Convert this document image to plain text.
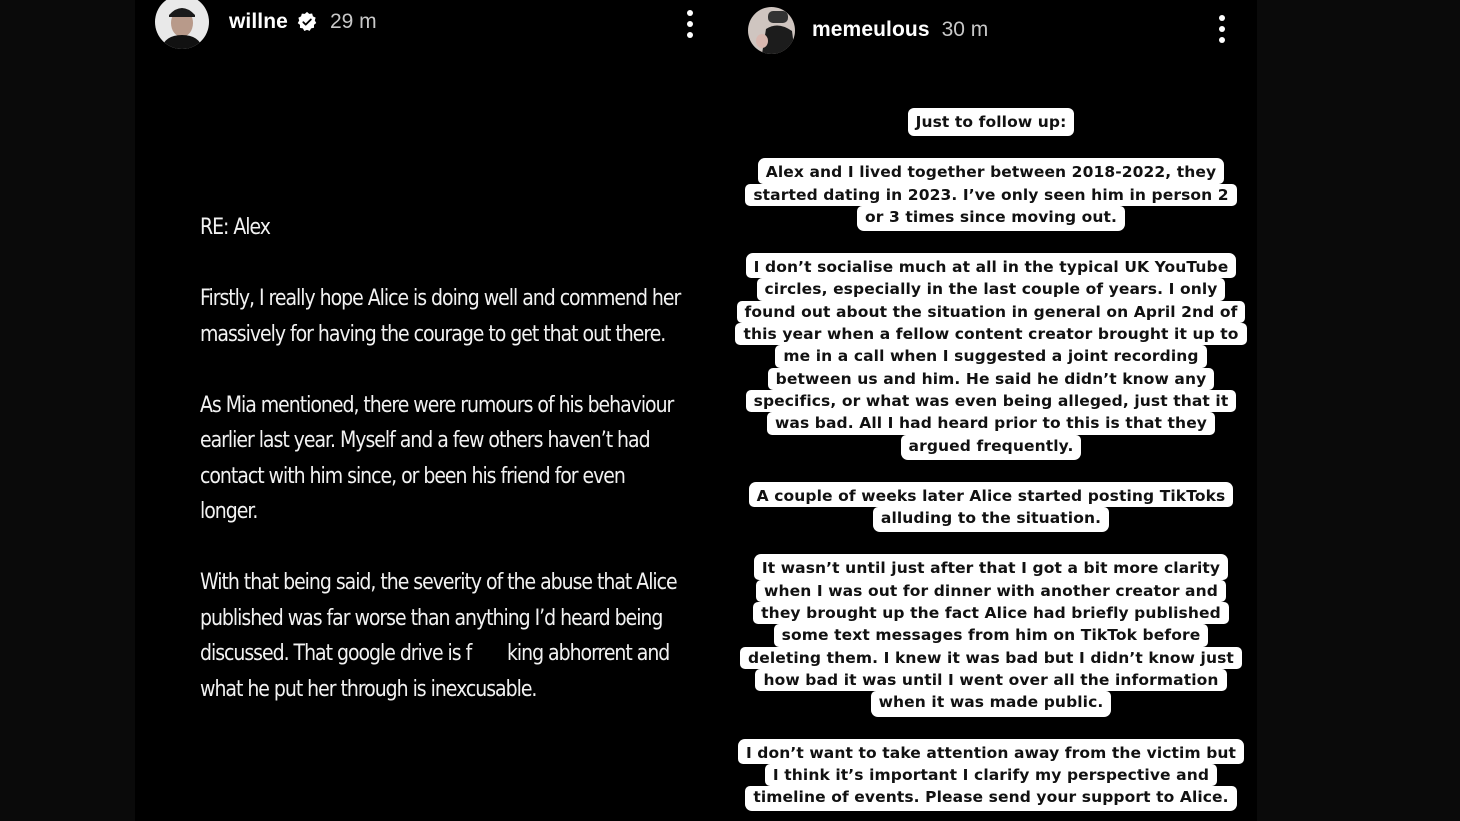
willne 29 m

RE: Alex

Firstly, I really hope Alice is doing well and commend her massively for having the courage to get that out there.

As Mia mentioned, there were rumours of his behaviour earlier last year. Myself and a few others haven’t had contact with him since, or been his friend for even longer.

With that being said, the severity of the abuse that Alice published was far worse than anything I’d heard being discussed. That google drive is f  king abhorrent and what he put her through is inexcusable.

memeulous 30 m
Just to follow up:
Alex and I lived together between 2018-2022, they
started dating in 2023. I’ve only seen him in person 2
or 3 times since moving out.
I don’t socialise much at all in the typical UK YouTube
circles, especially in the last couple of years. I only
found out about the situation in general on April 2nd of
this year when a fellow content creator brought it up to
me in a call when I suggested a joint recording
between us and him. He said he didn’t know any
specifics, or what was even being alleged, just that it
was bad. All I had heard prior to this is that they
argued frequently.
A couple of weeks later Alice started posting TikToks
alluding to the situation.
It wasn’t until just after that I got a bit more clarity
when I was out for dinner with another creator and
they brought up the fact Alice had briefly published
some text messages from him on TikTok before
deleting them. I knew it was bad but I didn’t know just
how bad it was until I went over all the information
when it was made public.
I don’t want to take attention away from the victim but
I think it’s important I clarify my perspective and
timeline of events. Please send your support to Alice.
